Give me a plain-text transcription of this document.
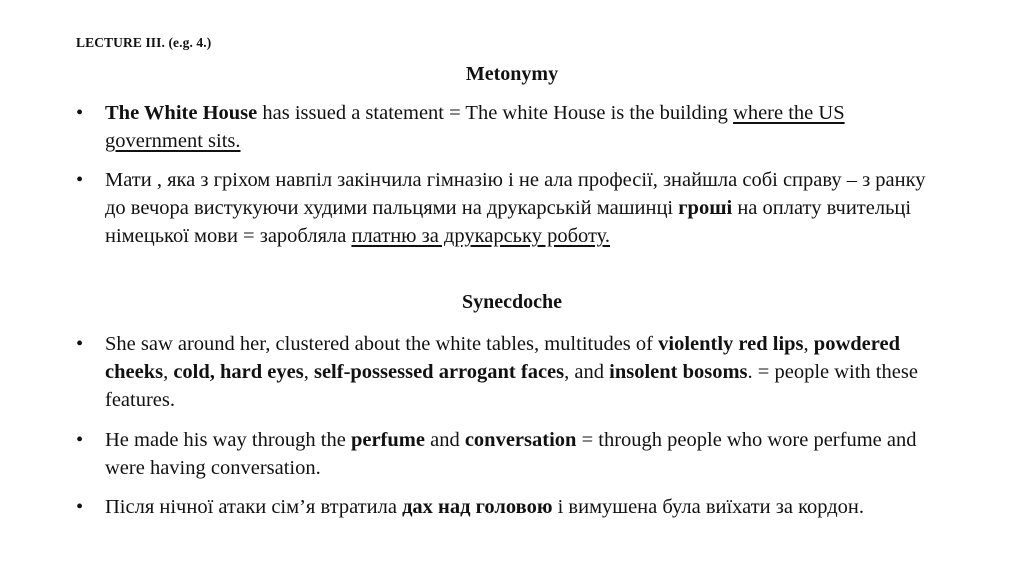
LECTURE III. (e.g. 4.)
Metonymy
•	The White House has issued a statement = The white House is the building where the US government sits.
•	Мати , яка з гріхом навпіл закінчила гімназію і не ала професії, знайшла собі справу – з ранку до вечора вистукуючи худими пальцями на друкарській машинці гроші на оплату вчительці німецької мови = заробляла платню за друкарську роботу.
Synecdoche
•	She saw around her, clustered about the white tables, multitudes of violently red lips, powdered cheeks, cold, hard eyes, self-possessed arrogant faces, and insolent bosoms. = people with these features.
•	He made his way through the perfume and conversation = through people who wore perfume and were having conversation.
•	Після нічної атаки сім’я втратила дах над головою і вимушена була виїхати за кордон.
